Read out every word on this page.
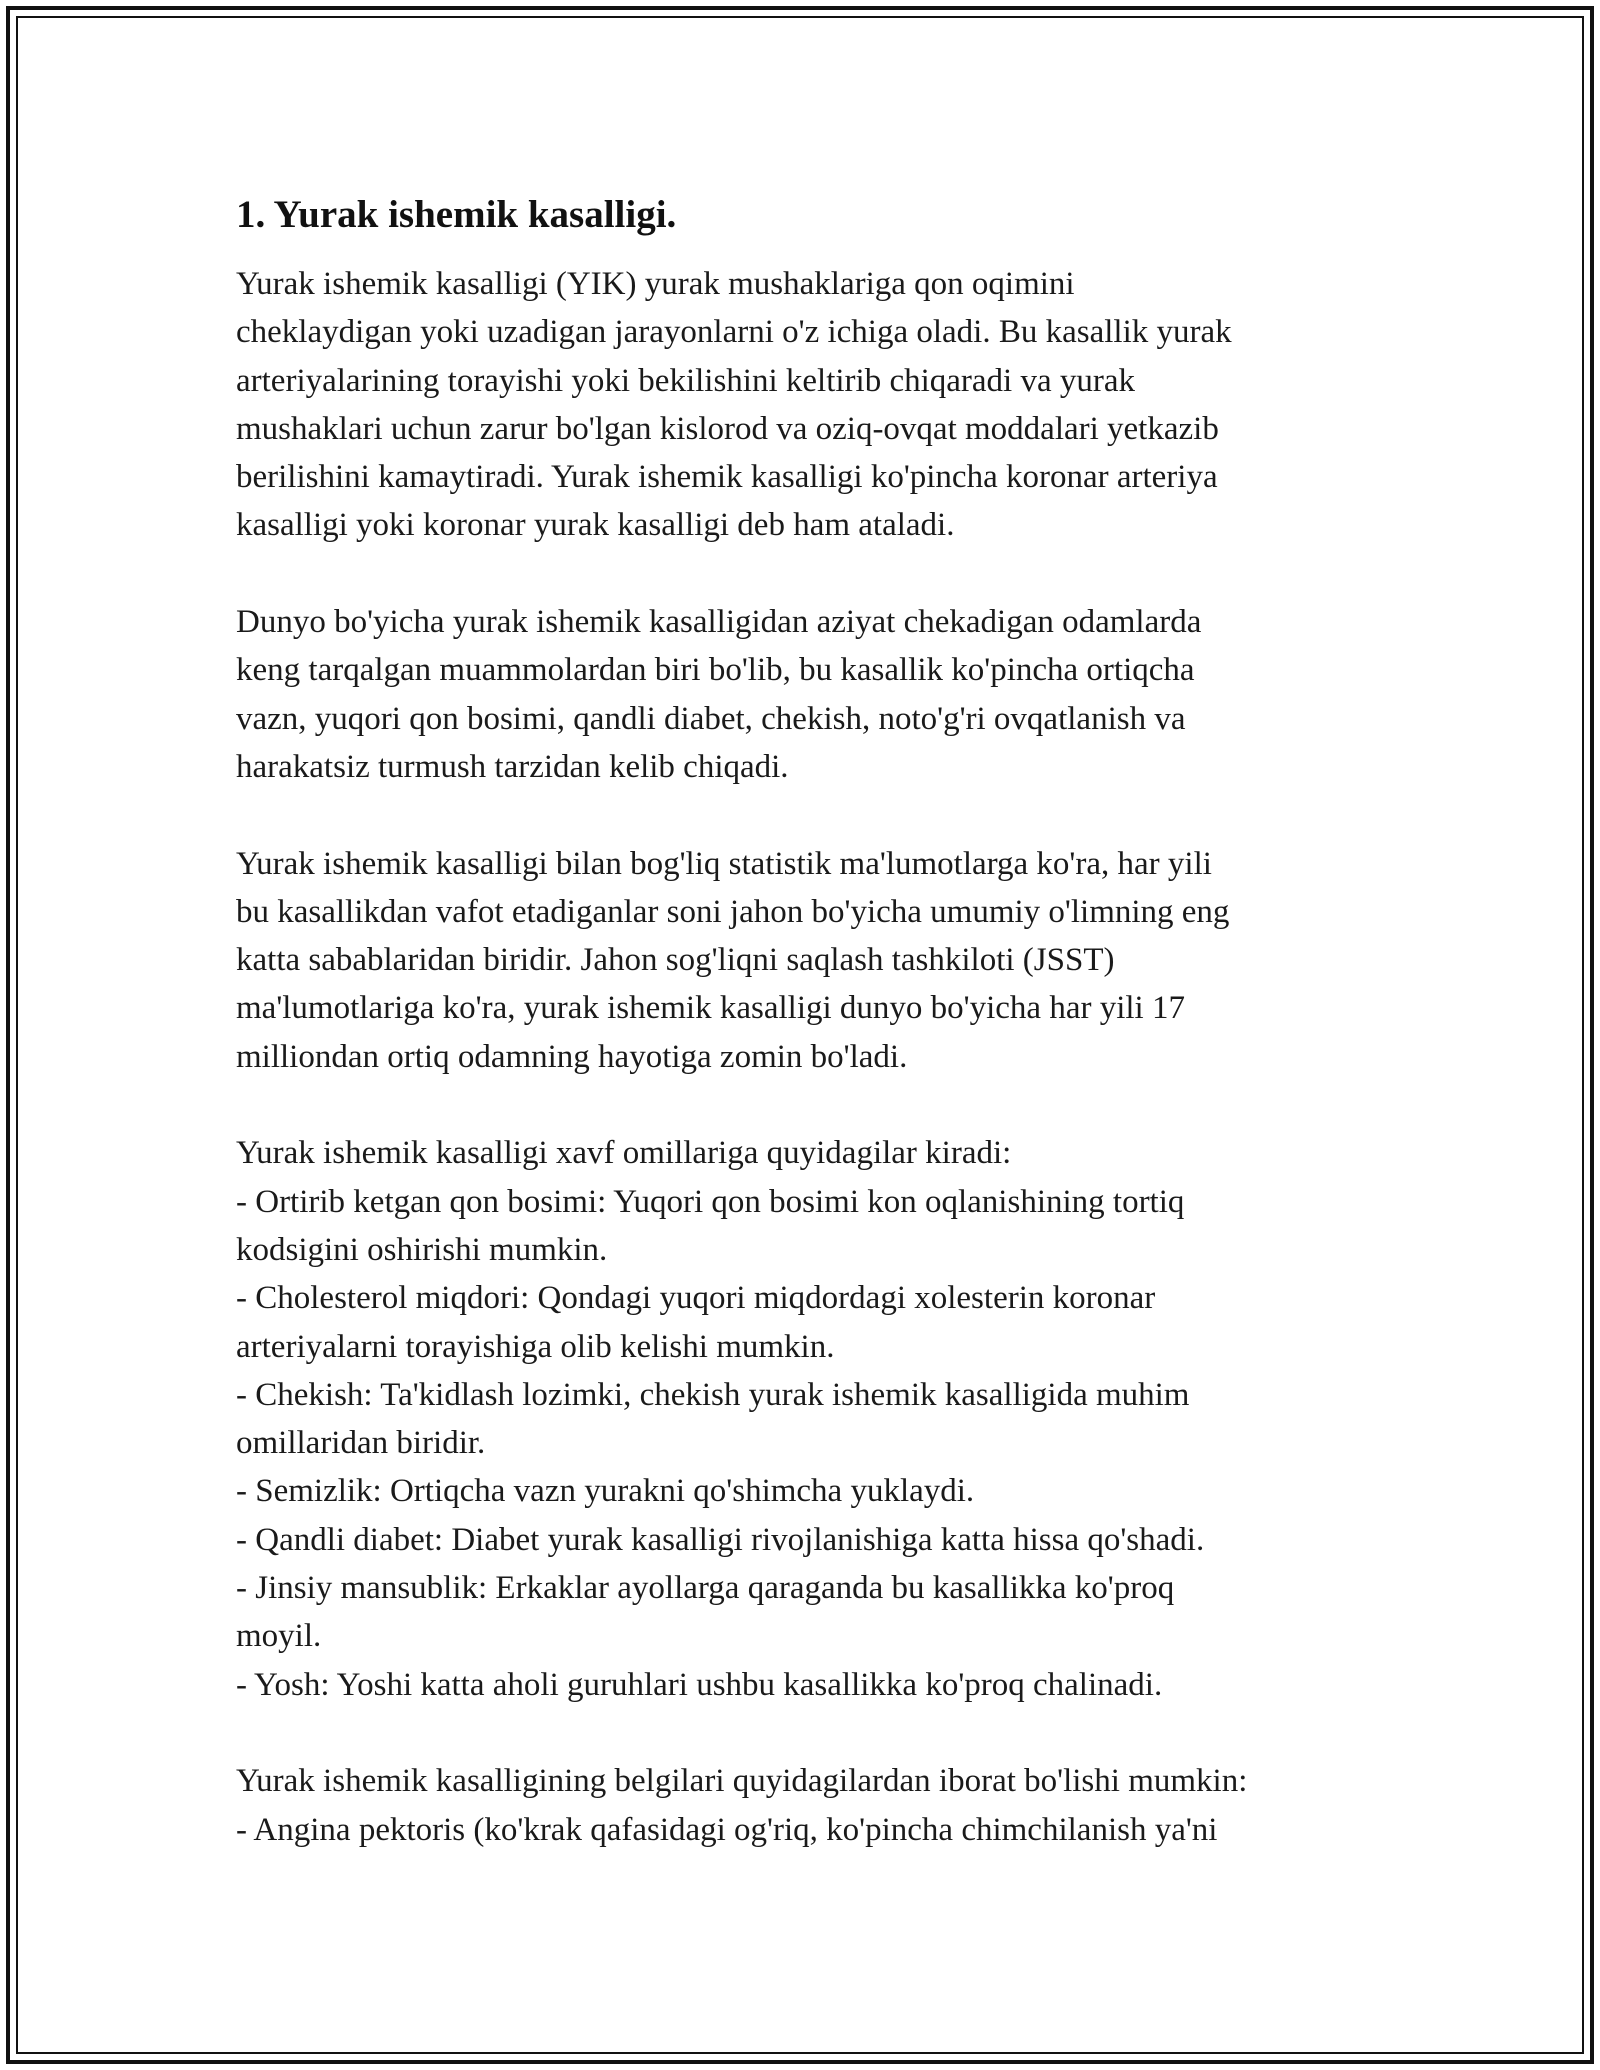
1. Yurak ishemik kasalligi.
Yurak ishemik kasalligi (YIK) yurak mushaklariga qon oqimini
cheklaydigan yoki uzadigan jarayonlarni o'z ichiga oladi. Bu kasallik yurak
arteriyalarining torayishi yoki bekilishini keltirib chiqaradi va yurak
mushaklari uchun zarur bo'lgan kislorod va oziq-ovqat moddalari yetkazib
berilishini kamaytiradi. Yurak ishemik kasalligi ko'pincha koronar arteriya
kasalligi yoki koronar yurak kasalligi deb ham ataladi.
Dunyo bo'yicha yurak ishemik kasalligidan aziyat chekadigan odamlarda
keng tarqalgan muammolardan biri bo'lib, bu kasallik ko'pincha ortiqcha
vazn, yuqori qon bosimi, qandli diabet, chekish, noto'g'ri ovqatlanish va
harakatsiz turmush tarzidan kelib chiqadi.
Yurak ishemik kasalligi bilan bog'liq statistik ma'lumotlarga ko'ra, har yili
bu kasallikdan vafot etadiganlar soni jahon bo'yicha umumiy o'limning eng
katta sabablaridan biridir. Jahon sog'liqni saqlash tashkiloti (JSST)
ma'lumotlariga ko'ra, yurak ishemik kasalligi dunyo bo'yicha har yili 17
milliondan ortiq odamning hayotiga zomin bo'ladi.
Yurak ishemik kasalligi xavf omillariga quyidagilar kiradi:
- Ortirib ketgan qon bosimi: Yuqori qon bosimi kon oqlanishining tortiq
kodsigini oshirishi mumkin.
- Cholesterol miqdori: Qondagi yuqori miqdordagi xolesterin koronar
arteriyalarni torayishiga olib kelishi mumkin.
- Chekish: Ta'kidlash lozimki, chekish yurak ishemik kasalligida muhim
omillaridan biridir.
- Semizlik: Ortiqcha vazn yurakni qo'shimcha yuklaydi.
- Qandli diabet: Diabet yurak kasalligi rivojlanishiga katta hissa qo'shadi.
- Jinsiy mansublik: Erkaklar ayollarga qaraganda bu kasallikka ko'proq
moyil.
- Yosh: Yoshi katta aholi guruhlari ushbu kasallikka ko'proq chalinadi.
Yurak ishemik kasalligining belgilari quyidagilardan iborat bo'lishi mumkin:
- Angina pektoris (ko'krak qafasidagi og'riq, ko'pincha chimchilanish ya'ni
